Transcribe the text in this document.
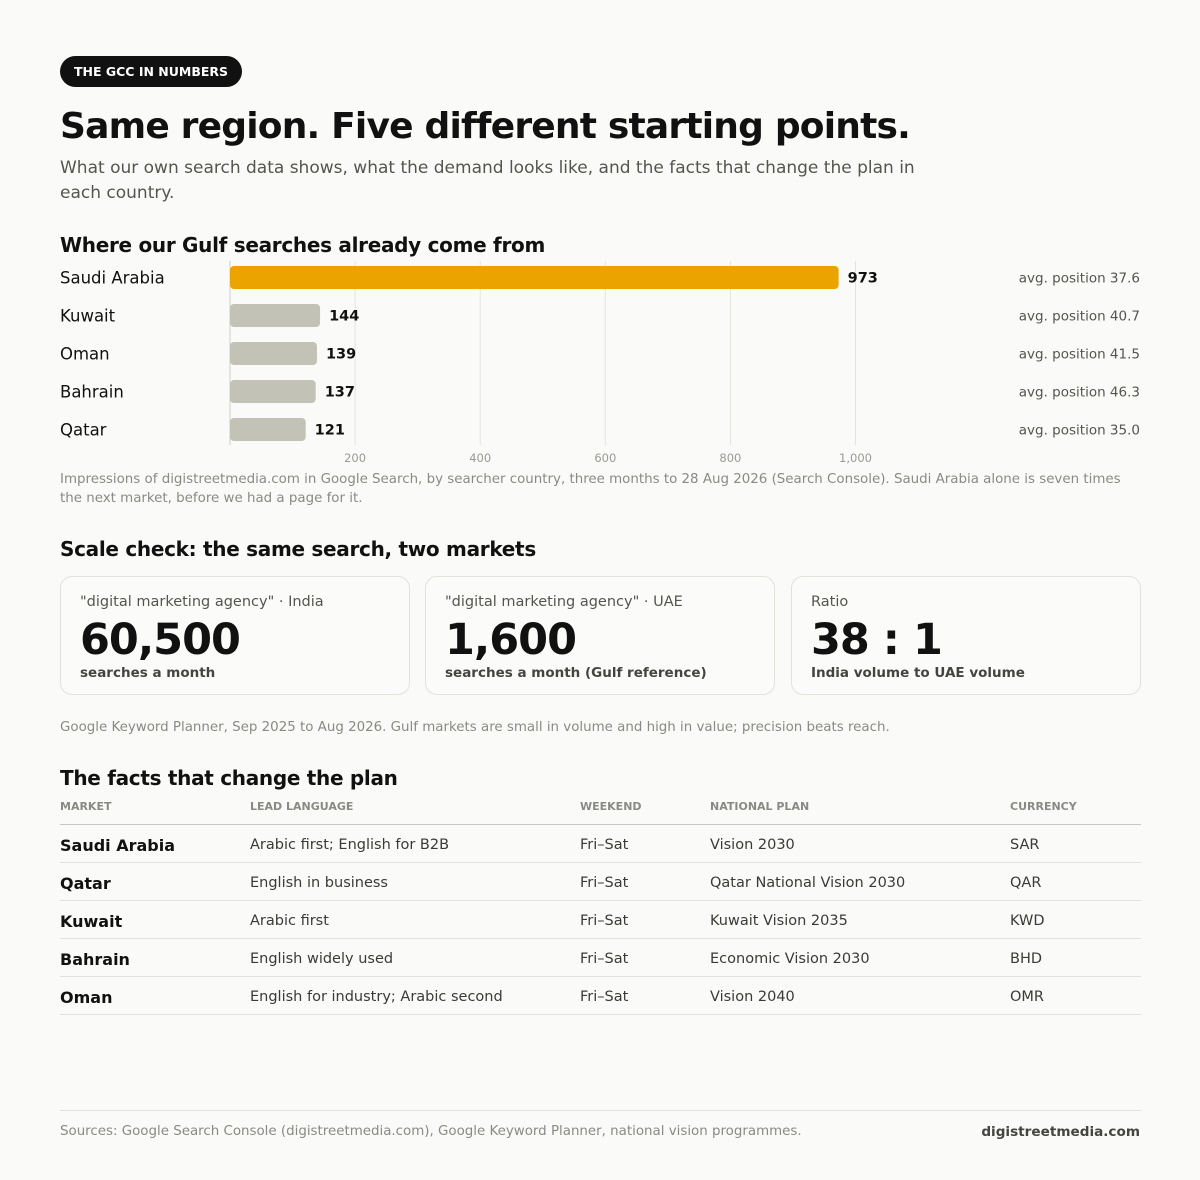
THE GCC IN NUMBERS
Same region. Five different starting points.

What our own search data shows, what the demand looks like, and the facts that change the plan in each country.

Where our Gulf searches already come from
Saudi Arabia	973	avg. position 37.6
Kuwait	144	avg. position 40.7
Oman	139	avg. position 41.5
Bahrain	137	avg. position 46.3
Qatar	121	avg. position 35.0
200	400	600	800	1,000

Impressions of digistreetmedia.com in Google Search, by searcher country, three months to 28 Aug 2026 (Search Console). Saudi Arabia alone is seven times the next market, before we had a page for it.

Scale check: the same search, two markets
"digital marketing agency" · India
60,500
searches a month
"digital marketing agency" · UAE
1,600
searches a month (Gulf reference)
Ratio
38 : 1
India volume to UAE volume

Google Keyword Planner, Sep 2025 to Aug 2026. Gulf markets are small in volume and high in value; precision beats reach.

The facts that change the plan
MARKET	LEAD LANGUAGE	WEEKEND	NATIONAL PLAN	CURRENCY
Saudi Arabia	Arabic first; English for B2B	Fri–Sat	Vision 2030	SAR
Qatar	English in business	Fri–Sat	Qatar National Vision 2030	QAR
Kuwait	Arabic first	Fri–Sat	Kuwait Vision 2035	KWD
Bahrain	English widely used	Fri–Sat	Economic Vision 2030	BHD
Oman	English for industry; Arabic second	Fri–Sat	Vision 2040	OMR
Sources: Google Search Console (digistreetmedia.com), Google Keyword Planner, national vision programmes.	digistreetmedia.com
